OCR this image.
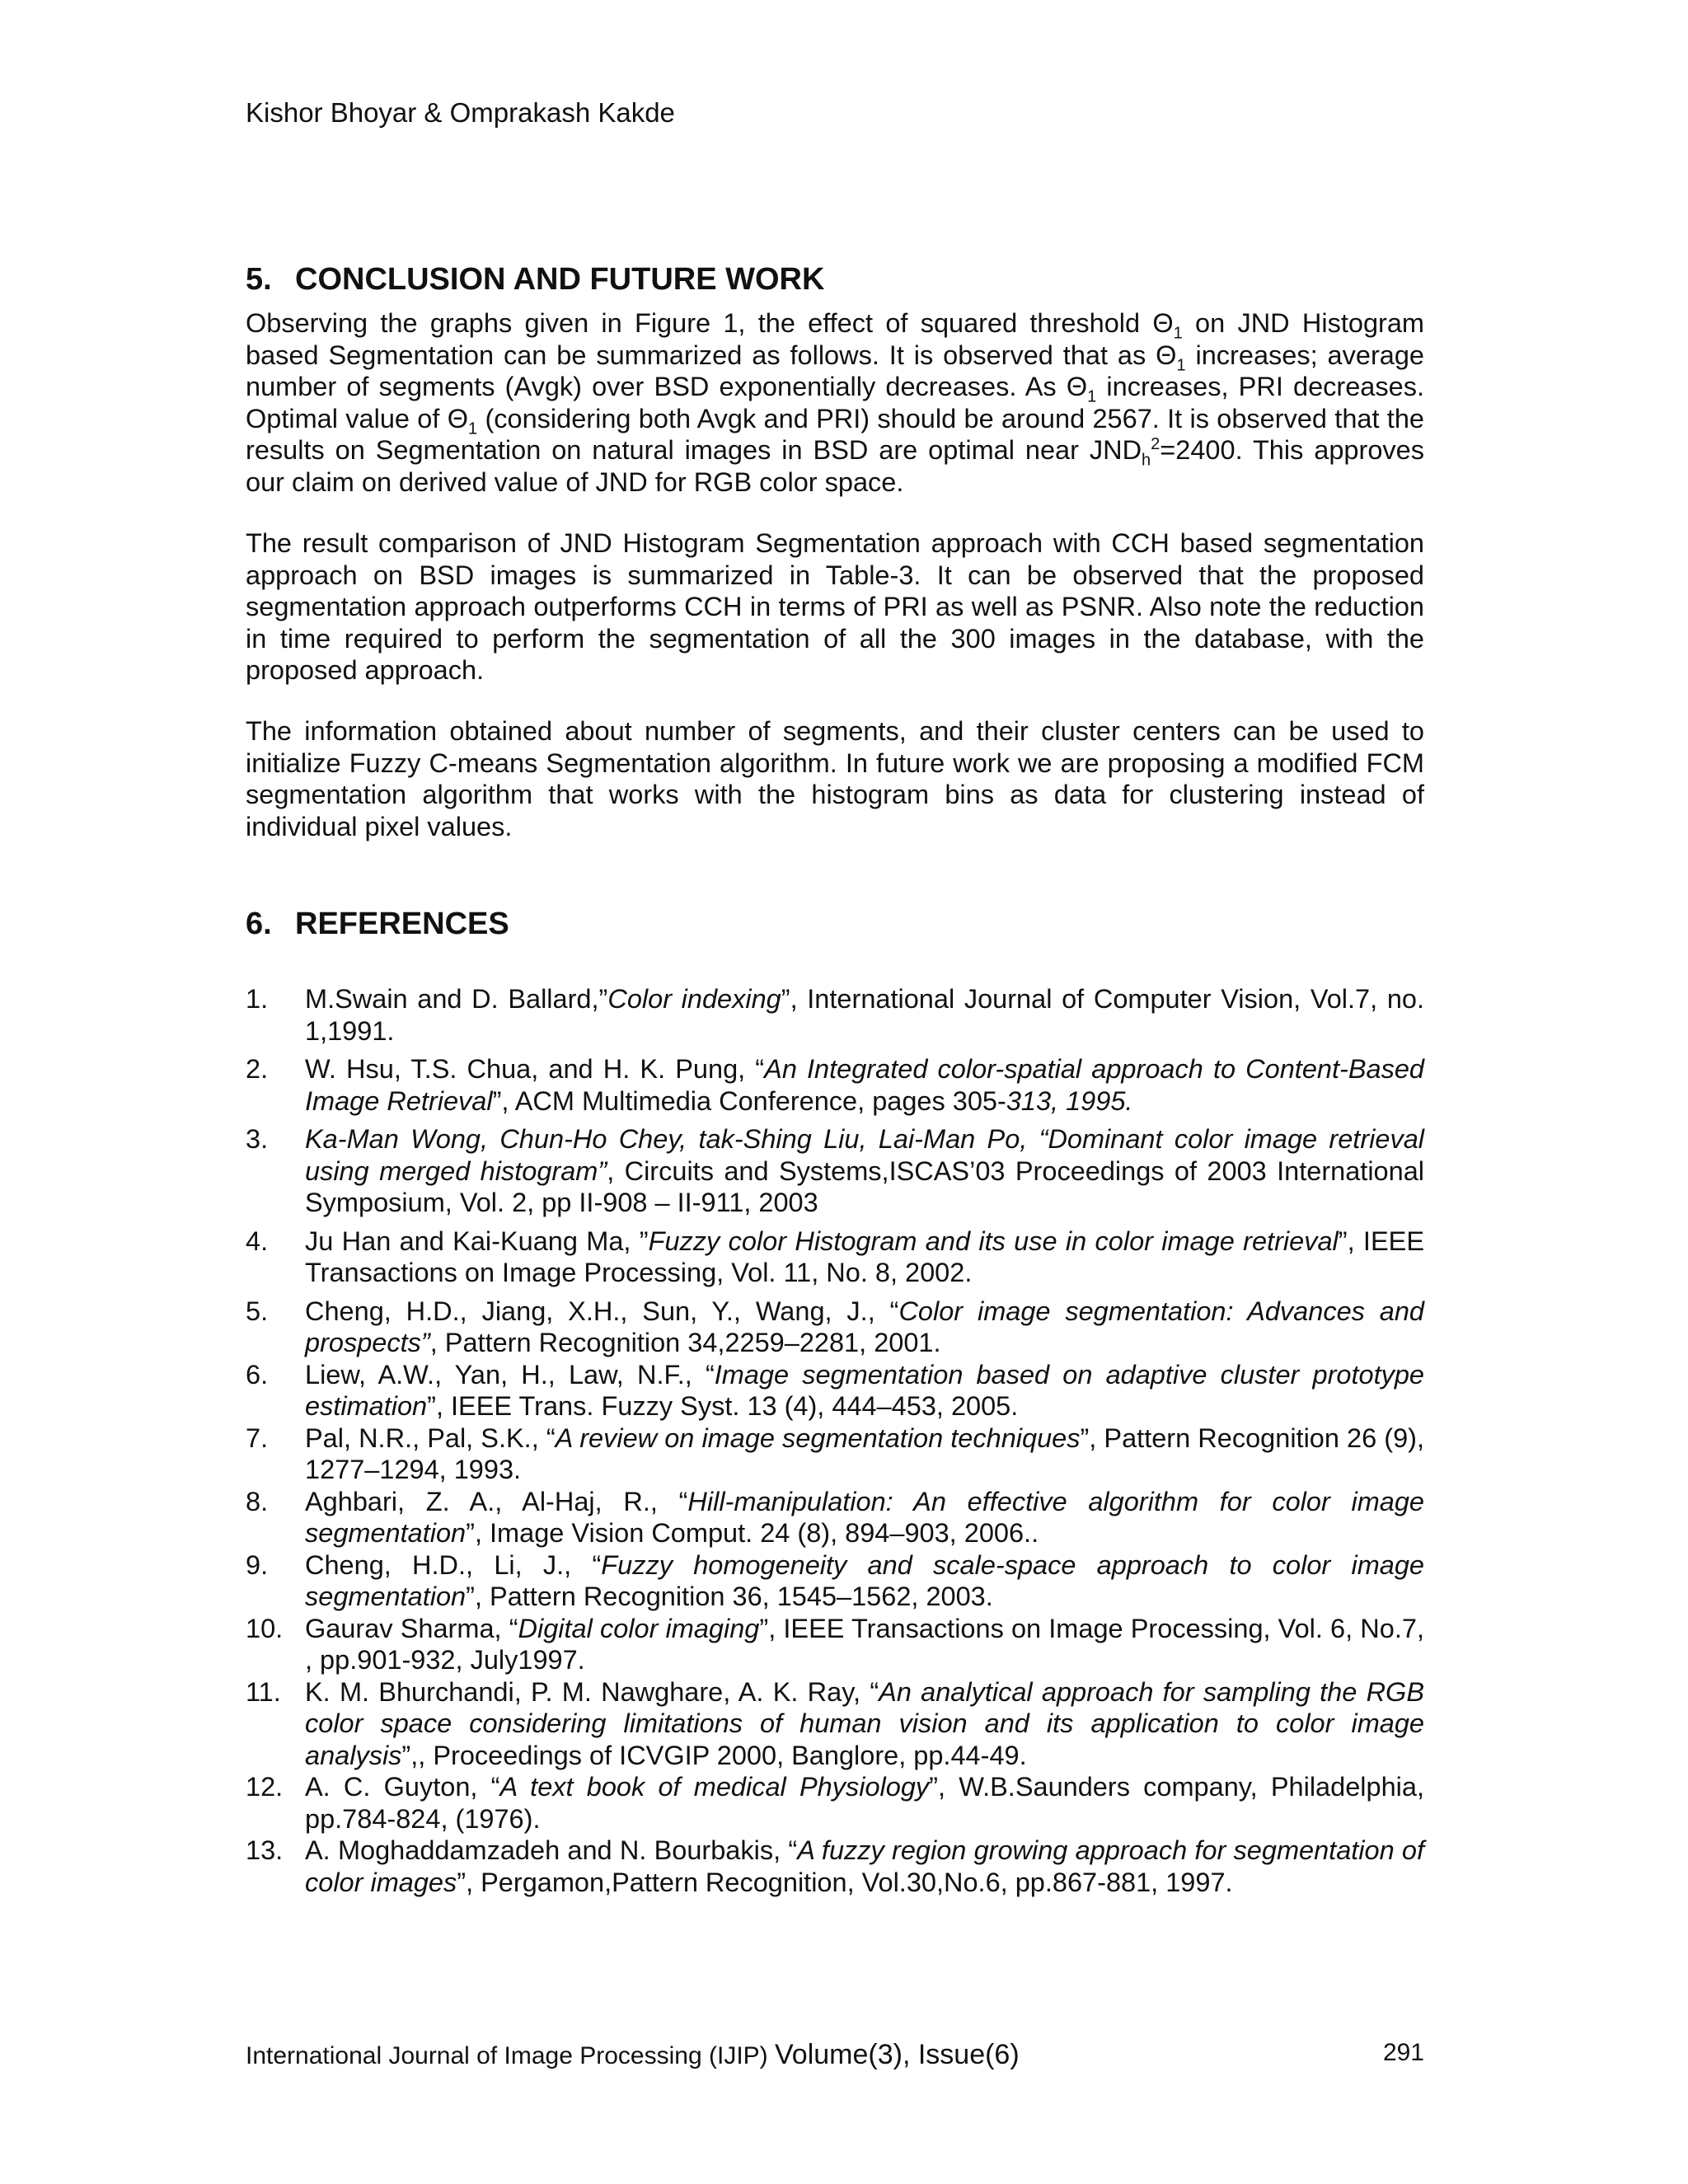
Kishor Bhoyar & Omprakash Kakde
5. CONCLUSION AND FUTURE WORK

Observing the graphs given in Figure 1, the effect of squared threshold $\Theta_1$ on JND Histogram based Segmentation can be summarized as follows. It is observed that as $\Theta_1$ increases; average number of segments (Avgk) over BSD exponentially decreases. As $\Theta_1$ increases, PRI decreases. Optimal value of $\Theta_1$ (considering both Avgk and PRI) should be around 2567. It is observed that the results on Segmentation on natural images in BSD are optimal near $JND_h^2=2400$. This approves our claim on derived value of JND for RGB color space.

The result comparison of JND Histogram Segmentation approach with CCH based segmentation approach on BSD images is summarized in Table-3. It can be observed that the proposed segmentation approach outperforms CCH in terms of PRI as well as PSNR. Also note the reduction in time required to perform the segmentation of all the 300 images in the database, with the proposed approach.

The information obtained about number of segments, and their cluster centers can be used to initialize Fuzzy C-means Segmentation algorithm. In future work we are proposing a modified FCM segmentation algorithm that works with the histogram bins as data for clustering instead of individual pixel values.

6. REFERENCES
1. M.Swain and D. Ballard,”Color indexing”, International Journal of Computer Vision, Vol.7, no. 1,1991.
2. W. Hsu, T.S. Chua, and H. K. Pung, “An Integrated color-spatial approach to Content-Based Image Retrieval”, ACM Multimedia Conference, pages 305-313, 1995.
3. Ka-Man Wong, Chun-Ho Chey, tak-Shing Liu, Lai-Man Po, “Dominant color image retrieval using merged histogram”, Circuits and Systems,ISCAS’03 Proceedings of 2003 International Symposium, Vol. 2, pp II-908 – II-911, 2003
4. Ju Han and Kai-Kuang Ma, ”Fuzzy color Histogram and its use in color image retrieval”, IEEE Transactions on Image Processing, Vol. 11, No. 8, 2002.
5. Cheng, H.D., Jiang, X.H., Sun, Y., Wang, J., “Color image segmentation: Advances and prospects”, Pattern Recognition 34,2259–2281, 2001.
6. Liew, A.W., Yan, H., Law, N.F., “Image segmentation based on adaptive cluster prototype estimation”, IEEE Trans. Fuzzy Syst. 13 (4), 444–453, 2005.
7. Pal, N.R., Pal, S.K., “A review on image segmentation techniques”, Pattern Recognition 26 (9), 1277–1294, 1993.
8. Aghbari, Z. A., Al-Haj, R., “Hill-manipulation: An effective algorithm for color image segmentation”, Image Vision Comput. 24 (8), 894–903, 2006..
9. Cheng, H.D., Li, J., “Fuzzy homogeneity and scale-space approach to color image segmentation”, Pattern Recognition 36, 1545–1562, 2003.
10. Gaurav Sharma, “Digital color imaging”, IEEE Transactions on Image Processing, Vol. 6, No.7, , pp.901-932, July1997.
11. K. M. Bhurchandi, P. M. Nawghare, A. K. Ray, “An analytical approach for sampling the RGB color space considering limitations of human vision and its application to color image analysis”,, Proceedings of ICVGIP 2000, Banglore, pp.44-49.
12. A. C. Guyton, “A text book of medical Physiology”, W.B.Saunders company, Philadelphia, pp.784-824, (1976).
13. A. Moghaddamzadeh and N. Bourbakis, “A fuzzy region growing approach for segmentation of color images”, Pergamon,Pattern Recognition, Vol.30,No.6, pp.867-881, 1997.
International Journal of Image Processing (IJIP) Volume(3), Issue(6)	291
